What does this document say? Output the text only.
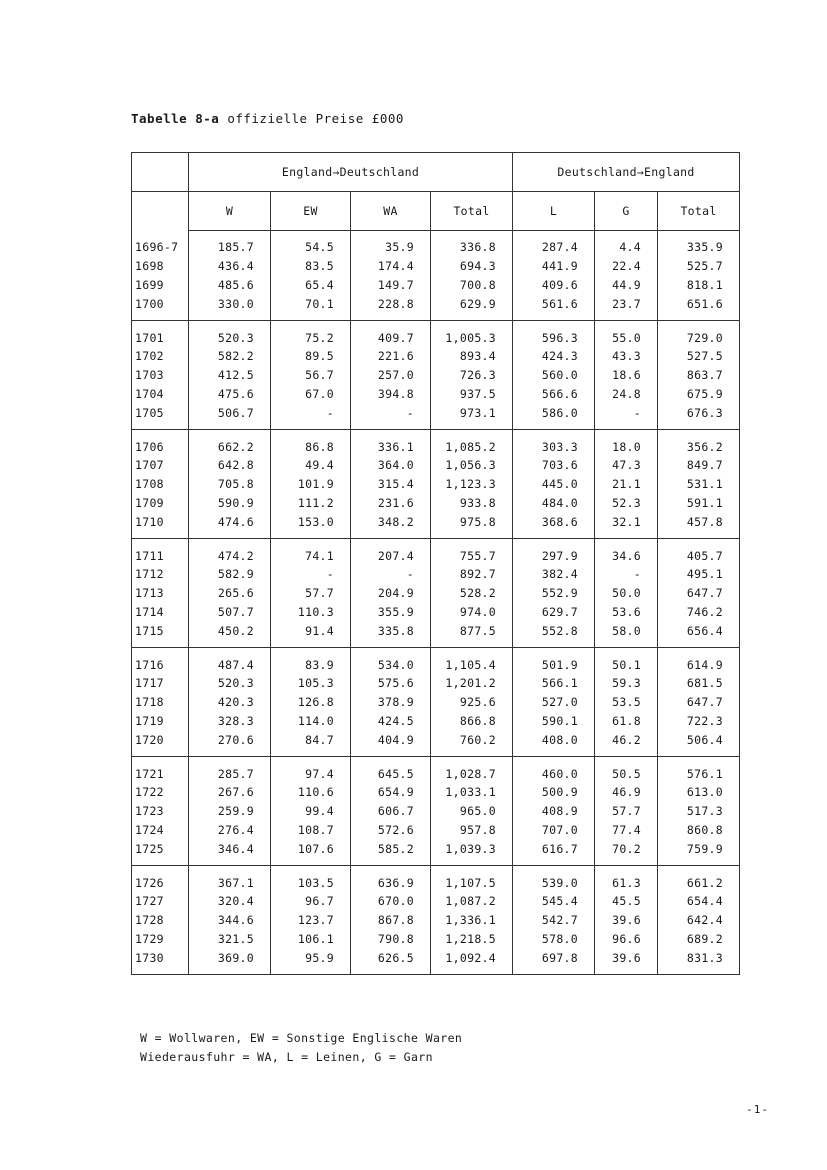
Tabelle 8-a offizielle Preise £000
	England→Deutschland				Deutschland→England		
	W	EW	WA	Total	L	G	Total
1696-7	185.7	54.5	35.9	336.8	287.4	4.4	335.9
1698	436.4	83.5	174.4	694.3	441.9	22.4	525.7
1699	485.6	65.4	149.7	700.8	409.6	44.9	818.1
1700	330.0	70.1	228.8	629.9	561.6	23.7	651.6
1701	520.3	75.2	409.7	1,005.3	596.3	55.0	729.0
1702	582.2	89.5	221.6	893.4	424.3	43.3	527.5
1703	412.5	56.7	257.0	726.3	560.0	18.6	863.7
1704	475.6	67.0	394.8	937.5	566.6	24.8	675.9
1705	506.7	-	-	973.1	586.0	-	676.3
1706	662.2	86.8	336.1	1,085.2	303.3	18.0	356.2
1707	642.8	49.4	364.0	1,056.3	703.6	47.3	849.7
1708	705.8	101.9	315.4	1,123.3	445.0	21.1	531.1
1709	590.9	111.2	231.6	933.8	484.0	52.3	591.1
1710	474.6	153.0	348.2	975.8	368.6	32.1	457.8
1711	474.2	74.1	207.4	755.7	297.9	34.6	405.7
1712	582.9	-	-	892.7	382.4	-	495.1
1713	265.6	57.7	204.9	528.2	552.9	50.0	647.7
1714	507.7	110.3	355.9	974.0	629.7	53.6	746.2
1715	450.2	91.4	335.8	877.5	552.8	58.0	656.4
1716	487.4	83.9	534.0	1,105.4	501.9	50.1	614.9
1717	520.3	105.3	575.6	1,201.2	566.1	59.3	681.5
1718	420.3	126.8	378.9	925.6	527.0	53.5	647.7
1719	328.3	114.0	424.5	866.8	590.1	61.8	722.3
1720	270.6	84.7	404.9	760.2	408.0	46.2	506.4
1721	285.7	97.4	645.5	1,028.7	460.0	50.5	576.1
1722	267.6	110.6	654.9	1,033.1	500.9	46.9	613.0
1723	259.9	99.4	606.7	965.0	408.9	57.7	517.3
1724	276.4	108.7	572.6	957.8	707.0	77.4	860.8
1725	346.4	107.6	585.2	1,039.3	616.7	70.2	759.9
1726	367.1	103.5	636.9	1,107.5	539.0	61.3	661.2
1727	320.4	96.7	670.0	1,087.2	545.4	45.5	654.4
1728	344.6	123.7	867.8	1,336.1	542.7	39.6	642.4
1729	321.5	106.1	790.8	1,218.5	578.0	96.6	689.2
1730	369.0	95.9	626.5	1,092.4	697.8	39.6	831.3
W = Wollwaren, EW = Sonstige Englische Waren
Wiederausfuhr = WA, L = Leinen, G = Garn
-1-
